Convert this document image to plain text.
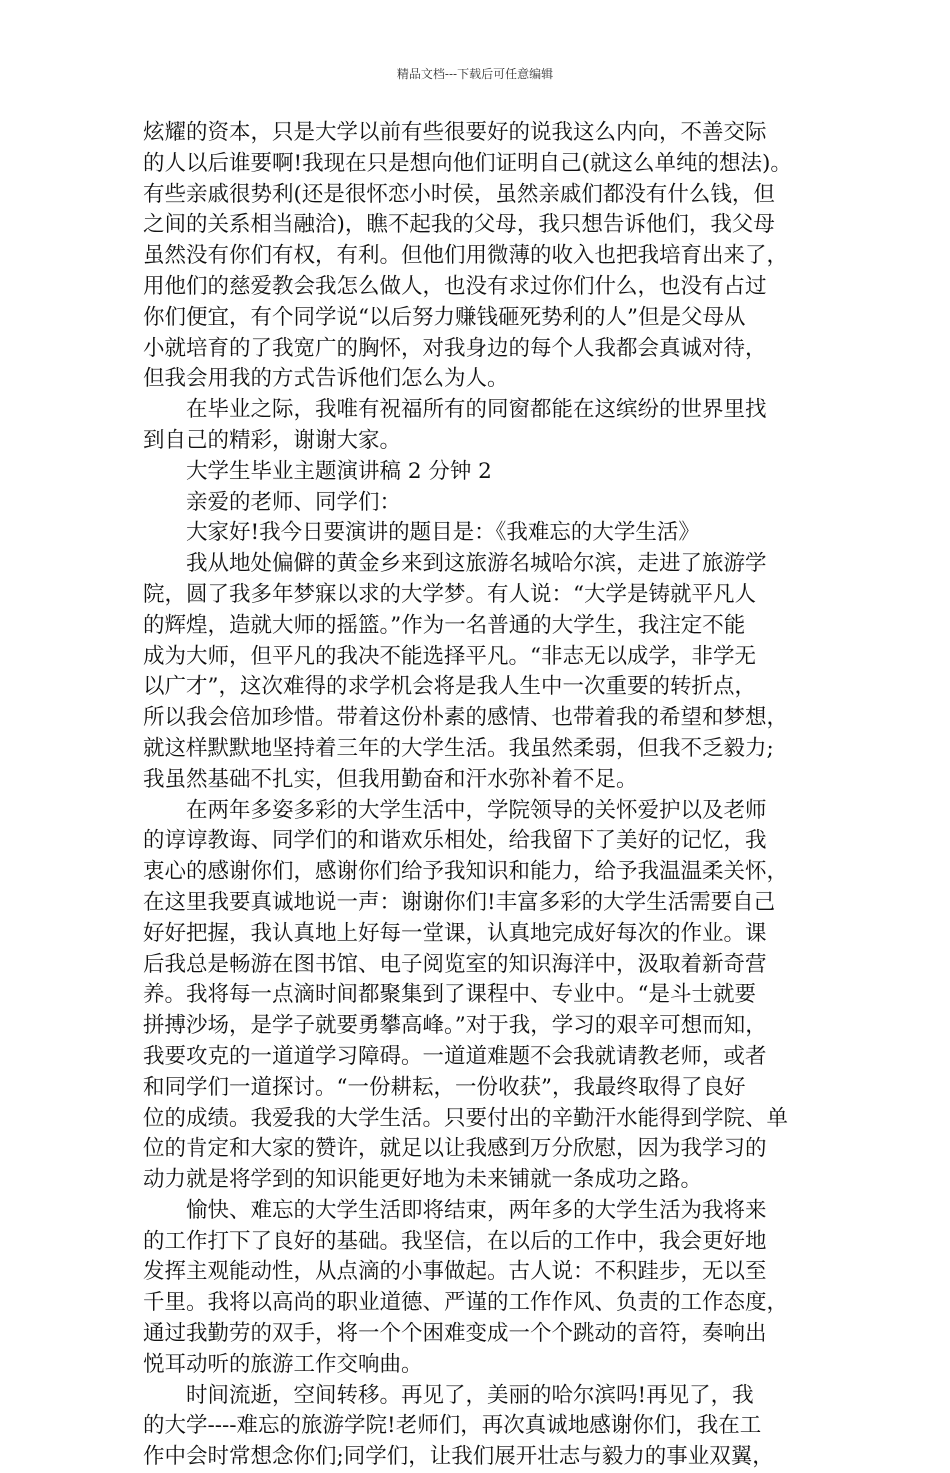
精品文档---下载后可任意编辑
炫耀的资本，只是大学以前有些很要好的说我这么内向，不善交际
的人以后谁要啊!我现在只是想向他们证明自己(就这么单纯的想法)。
有些亲戚很势利(还是很怀恋小时侯，虽然亲戚们都没有什么钱，但
之间的关系相当融洽)，瞧不起我的父母，我只想告诉他们，我父母
虽然没有你们有权，有利。但他们用微薄的收入也把我培育出来了，
用他们的慈爱教会我怎么做人，也没有求过你们什么，也没有占过
你们便宜，有个同学说“以后努力赚钱砸死势利的人”但是父母从
小就培育的了我宽广的胸怀，对我身边的每个人我都会真诚对待，
但我会用我的方式告诉他们怎么为人。
在毕业之际，我唯有祝福所有的同窗都能在这缤纷的世界里找
到自己的精彩，谢谢大家。
大学生毕业主题演讲稿 2 分钟 2
亲爱的老师、同学们：
大家好!我今日要演讲的题目是：《我难忘的大学生活》
我从地处偏僻的黄金乡来到这旅游名城哈尔滨，走进了旅游学
院，圆了我多年梦寐以求的大学梦。有人说：“大学是铸就平凡人
的辉煌，造就大师的摇篮。”作为一名普通的大学生，我注定不能
成为大师，但平凡的我决不能选择平凡。“非志无以成学，非学无
以广才”，这次难得的求学机会将是我人生中一次重要的转折点，
所以我会倍加珍惜。带着这份朴素的感情、也带着我的希望和梦想，
就这样默默地坚持着三年的大学生活。我虽然柔弱，但我不乏毅力;
我虽然基础不扎实，但我用勤奋和汗水弥补着不足。
在两年多姿多彩的大学生活中，学院领导的关怀爱护以及老师
的谆谆教诲、同学们的和谐欢乐相处，给我留下了美好的记忆，我
衷心的感谢你们，感谢你们给予我知识和能力，给予我温温柔关怀，
在这里我要真诚地说一声：谢谢你们!丰富多彩的大学生活需要自己
好好把握，我认真地上好每一堂课，认真地完成好每次的作业。课
后我总是畅游在图书馆、电子阅览室的知识海洋中，汲取着新奇营
养。我将每一点滴时间都聚集到了课程中、专业中。“是斗士就要
拼搏沙场，是学子就要勇攀高峰。”对于我，学习的艰辛可想而知，
我要攻克的一道道学习障碍。一道道难题不会我就请教老师，或者
和同学们一道探讨。“一份耕耘，一份收获”，我最终取得了良好
位的成绩。我爱我的大学生活。只要付出的辛勤汗水能得到学院、单
位的肯定和大家的赞许，就足以让我感到万分欣慰，因为我学习的
动力就是将学到的知识能更好地为未来铺就一条成功之路。
愉快、难忘的大学生活即将结束，两年多的大学生活为我将来
的工作打下了良好的基础。我坚信，在以后的工作中，我会更好地
发挥主观能动性，从点滴的小事做起。古人说：不积跬步，无以至
千里。我将以高尚的职业道德、严谨的工作作风、负责的工作态度，
通过我勤劳的双手，将一个个困难变成一个个跳动的音符，奏响出
悦耳动听的旅游工作交响曲。
时间流逝，空间转移。再见了，美丽的哈尔滨吗!再见了，我
的大学----难忘的旅游学院!老师们，再次真诚地感谢你们，我在工
作中会时常想念你们;同学们，让我们展开壮志与毅力的事业双翼，
